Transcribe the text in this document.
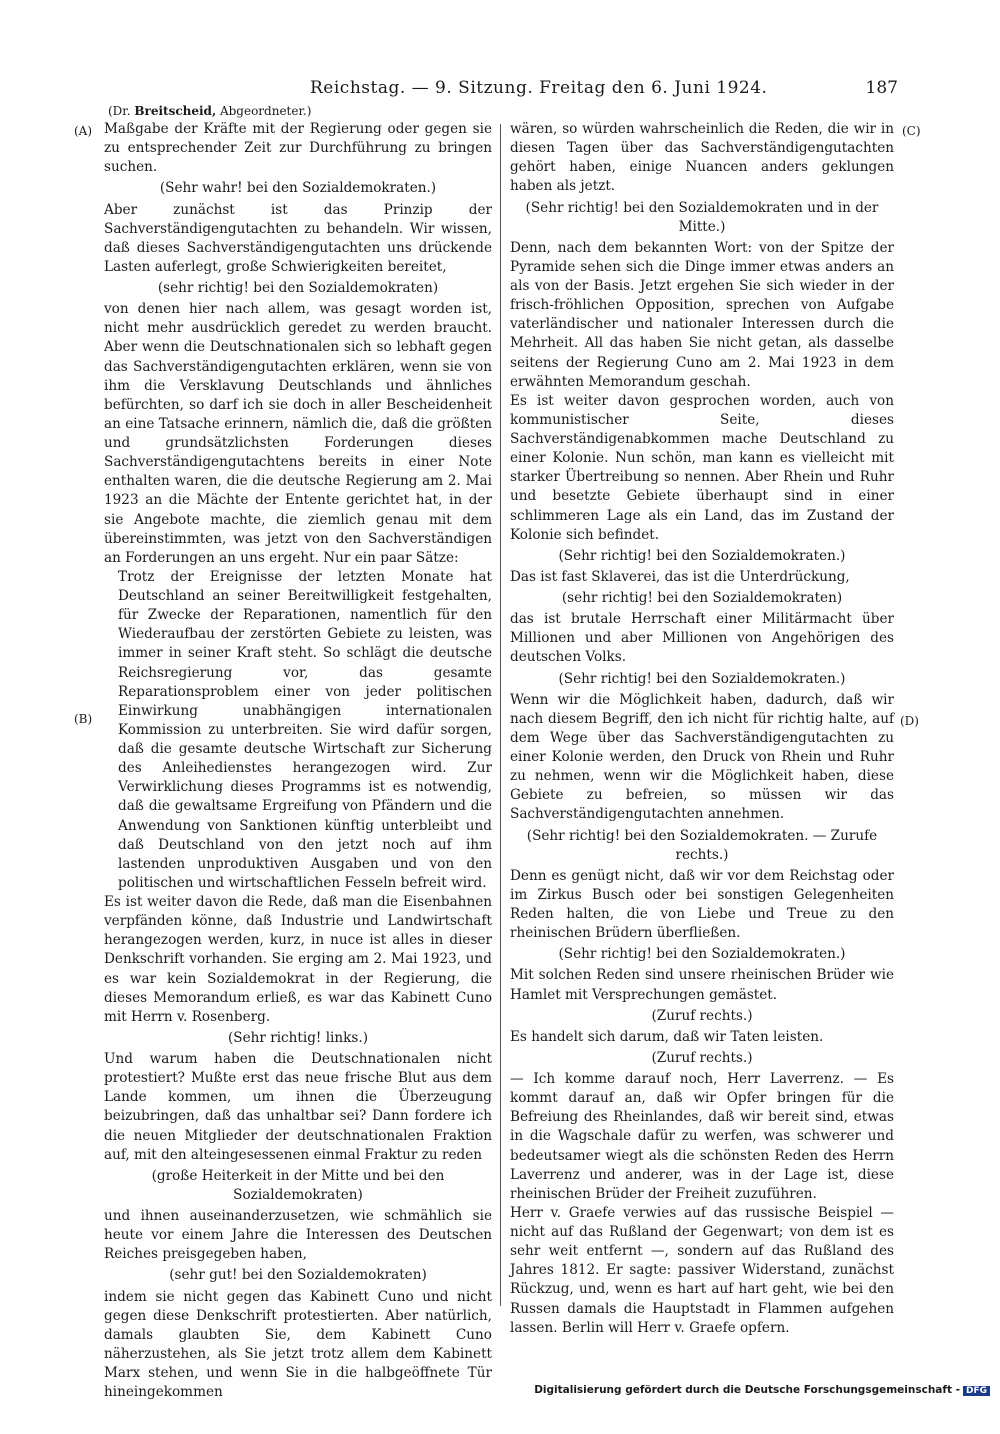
Reichstag. — 9. Sitzung. Freitag den 6. Juni 1924.	187
(Dr. Breitscheid, Abgeordneter.)
(A)
(B)
(C)
(D)

Maßgabe der Kräfte mit der Regierung oder gegen sie zu entsprechender Zeit zur Durchführung zu bringen suchen.

(Sehr wahr! bei den Sozialdemokraten.)

Aber zunächst ist das Prinzip der Sachverständigengutachten zu behandeln. Wir wissen, daß dieses Sachverständigengutachten uns drückende Lasten auferlegt, große Schwierigkeiten bereitet,

(sehr richtig! bei den Sozialdemokraten)

von denen hier nach allem, was gesagt worden ist, nicht mehr ausdrücklich geredet zu werden braucht. Aber wenn die Deutschnationalen sich so lebhaft gegen das Sachverständigengutachten erklären, wenn sie von ihm die Versklavung Deutschlands und ähnliches befürchten, so darf ich sie doch in aller Bescheidenheit an eine Tatsache erinnern, nämlich die, daß die größten und grundsätzlichsten Forderungen dieses Sachverständigengutachtens bereits in einer Note enthalten waren, die die deutsche Regierung am 2. Mai 1923 an die Mächte der Entente gerichtet hat, in der sie Angebote machte, die ziemlich genau mit dem übereinstimmten, was jetzt von den Sachverständigen an Forderungen an uns ergeht. Nur ein paar Sätze:

Trotz der Ereignisse der letzten Monate hat Deutschland an seiner Bereitwilligkeit festgehalten, für Zwecke der Reparationen, namentlich für den Wiederaufbau der zerstörten Gebiete zu leisten, was immer in seiner Kraft steht. So schlägt die deutsche Reichsregierung vor, das gesamte Reparationsproblem einer von jeder politischen Einwirkung unabhängigen internationalen Kommission zu unterbreiten. Sie wird dafür sorgen, daß die gesamte deutsche Wirtschaft zur Sicherung des Anleihedienstes herangezogen wird. Zur Verwirklichung dieses Programms ist es notwendig, daß die gewaltsame Ergreifung von Pfändern und die Anwendung von Sanktionen künftig unterbleibt und daß Deutschland von den jetzt noch auf ihm lastenden unproduktiven Ausgaben und von den politischen und wirtschaftlichen Fesseln befreit wird.

Es ist weiter davon die Rede, daß man die Eisenbahnen verpfänden könne, daß Industrie und Landwirtschaft herangezogen werden, kurz, in nuce ist alles in dieser Denkschrift vorhanden. Sie erging am 2. Mai 1923, und es war kein Sozialdemokrat in der Regierung, die dieses Memorandum erließ, es war das Kabinett Cuno mit Herrn v. Rosenberg.

(Sehr richtig! links.)

Und warum haben die Deutschnationalen nicht protestiert? Mußte erst das neue frische Blut aus dem Lande kommen, um ihnen die Überzeugung beizubringen, daß das unhaltbar sei? Dann fordere ich die neuen Mitglieder der deutschnationalen Fraktion auf, mit den alteingesessenen einmal Fraktur zu reden

(große Heiterkeit in der Mitte und bei den Sozialdemokraten)

und ihnen auseinanderzusetzen, wie schmählich sie heute vor einem Jahre die Interessen des Deutschen Reiches preisgegeben haben,

(sehr gut! bei den Sozialdemokraten)

indem sie nicht gegen das Kabinett Cuno und nicht gegen diese Denkschrift protestierten. Aber natürlich, damals glaubten Sie, dem Kabinett Cuno näherzustehen, als Sie jetzt trotz allem dem Kabinett Marx stehen, und wenn Sie in die halbgeöffnete Tür hineingekommen

wären, so würden wahrscheinlich die Reden, die wir in diesen Tagen über das Sachverständigengutachten gehört haben, einige Nuancen anders geklungen haben als jetzt.

(Sehr richtig! bei den Sozialdemokraten und in der Mitte.)

Denn, nach dem bekannten Wort: von der Spitze der Pyramide sehen sich die Dinge immer etwas anders an als von der Basis. Jetzt ergehen Sie sich wieder in der frisch-fröhlichen Opposition, sprechen von Aufgabe vaterländischer und nationaler Interessen durch die Mehrheit. All das haben Sie nicht getan, als dasselbe seitens der Regierung Cuno am 2. Mai 1923 in dem erwähnten Memorandum geschah.

Es ist weiter davon gesprochen worden, auch von kommunistischer Seite, dieses Sachverständigenabkommen mache Deutschland zu einer Kolonie. Nun schön, man kann es vielleicht mit starker Übertreibung so nennen. Aber Rhein und Ruhr und besetzte Gebiete überhaupt sind in einer schlimmeren Lage als ein Land, das im Zustand der Kolonie sich befindet.

(Sehr richtig! bei den Sozialdemokraten.)

Das ist fast Sklaverei, das ist die Unterdrückung,

(sehr richtig! bei den Sozialdemokraten)

das ist brutale Herrschaft einer Militärmacht über Millionen und aber Millionen von Angehörigen des deutschen Volks.

(Sehr richtig! bei den Sozialdemokraten.)

Wenn wir die Möglichkeit haben, dadurch, daß wir nach diesem Begriff, den ich nicht für richtig halte, auf dem Wege über das Sachverständigengutachten zu einer Kolonie werden, den Druck von Rhein und Ruhr zu nehmen, wenn wir die Möglichkeit haben, diese Gebiete zu befreien, so müssen wir das Sachverständigengutachten annehmen.

(Sehr richtig! bei den Sozialdemokraten. — Zurufe rechts.)

Denn es genügt nicht, daß wir vor dem Reichstag oder im Zirkus Busch oder bei sonstigen Gelegenheiten Reden halten, die von Liebe und Treue zu den rheinischen Brüdern überfließen.

(Sehr richtig! bei den Sozialdemokraten.)

Mit solchen Reden sind unsere rheinischen Brüder wie Hamlet mit Versprechungen gemästet.

(Zuruf rechts.)

Es handelt sich darum, daß wir Taten leisten.

(Zuruf rechts.)

— Ich komme darauf noch, Herr Laverrenz. — Es kommt darauf an, daß wir Opfer bringen für die Befreiung des Rheinlandes, daß wir bereit sind, etwas in die Wagschale dafür zu werfen, was schwerer und bedeutsamer wiegt als die schönsten Reden des Herrn Laverrenz und anderer, was in der Lage ist, diese rheinischen Brüder der Freiheit zuzuführen.

Herr v. Graefe verwies auf das russische Beispiel — nicht auf das Rußland der Gegenwart; von dem ist es sehr weit entfernt —, sondern auf das Rußland des Jahres 1812. Er sagte: passiver Widerstand, zunächst Rückzug, und, wenn es hart auf hart geht, wie bei den Russen damals die Hauptstadt in Flammen aufgehen lassen. Berlin will Herr v. Graefe opfern.

Digitalisierung gefördert durch die Deutsche Forschungsgemeinschaft - DFG
